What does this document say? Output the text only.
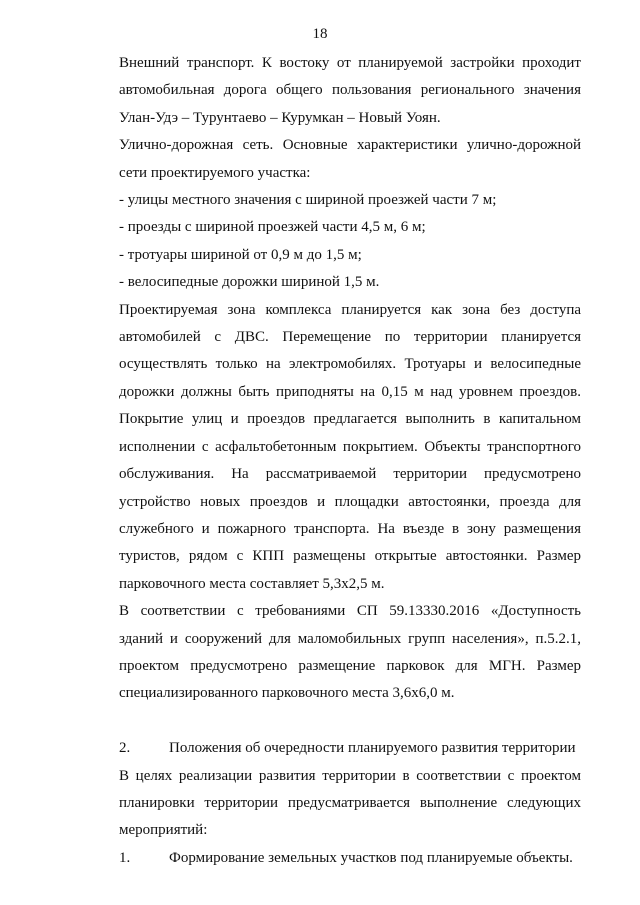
18

Внешний транспорт. К востоку от планируемой застройки проходит автомобильная дорога общего пользования регионального значения Улан-Удэ – Турунтаево – Курумкан – Новый Уоян.

Улично-дорожная сеть. Основные характеристики улично-дорожной сети проектируемого участка:

- улицы местного значения с шириной проезжей части 7 м;

- проезды с шириной проезжей части 4,5 м, 6 м;

- тротуары шириной от 0,9 м до 1,5 м;

- велосипедные дорожки шириной 1,5 м.

Проектируемая зона комплекса планируется как зона без доступа автомобилей с ДВС. Перемещение по территории планируется осуществлять только на электромобилях. Тротуары и велосипедные дорожки должны быть приподняты на 0,15 м над уровнем проездов. Покрытие улиц и проездов предлагается выполнить в капитальном исполнении с асфальтобетонным покрытием. Объекты транспортного обслуживания. На рассматриваемой территории предусмотрено устройство новых проездов и площадки автостоянки, проезда для служебного и пожарного транспорта. На въезде в зону размещения туристов, рядом с КПП размещены открытые автостоянки. Размер парковочного места составляет 5,3х2,5 м.

В соответствии с требованиями СП 59.13330.2016 «Доступность зданий и сооружений для маломобильных групп населения», п.5.2.1, проектом предусмотрено размещение парковок для МГН. Размер специализированного парковочного места 3,6х6,0 м.

2.	Положения об очередности планируемого развития территории

В целях реализации развития территории в соответствии с проектом планировки территории предусматривается выполнение следующих мероприятий:

1.	Формирование земельных участков под планируемые объекты.
